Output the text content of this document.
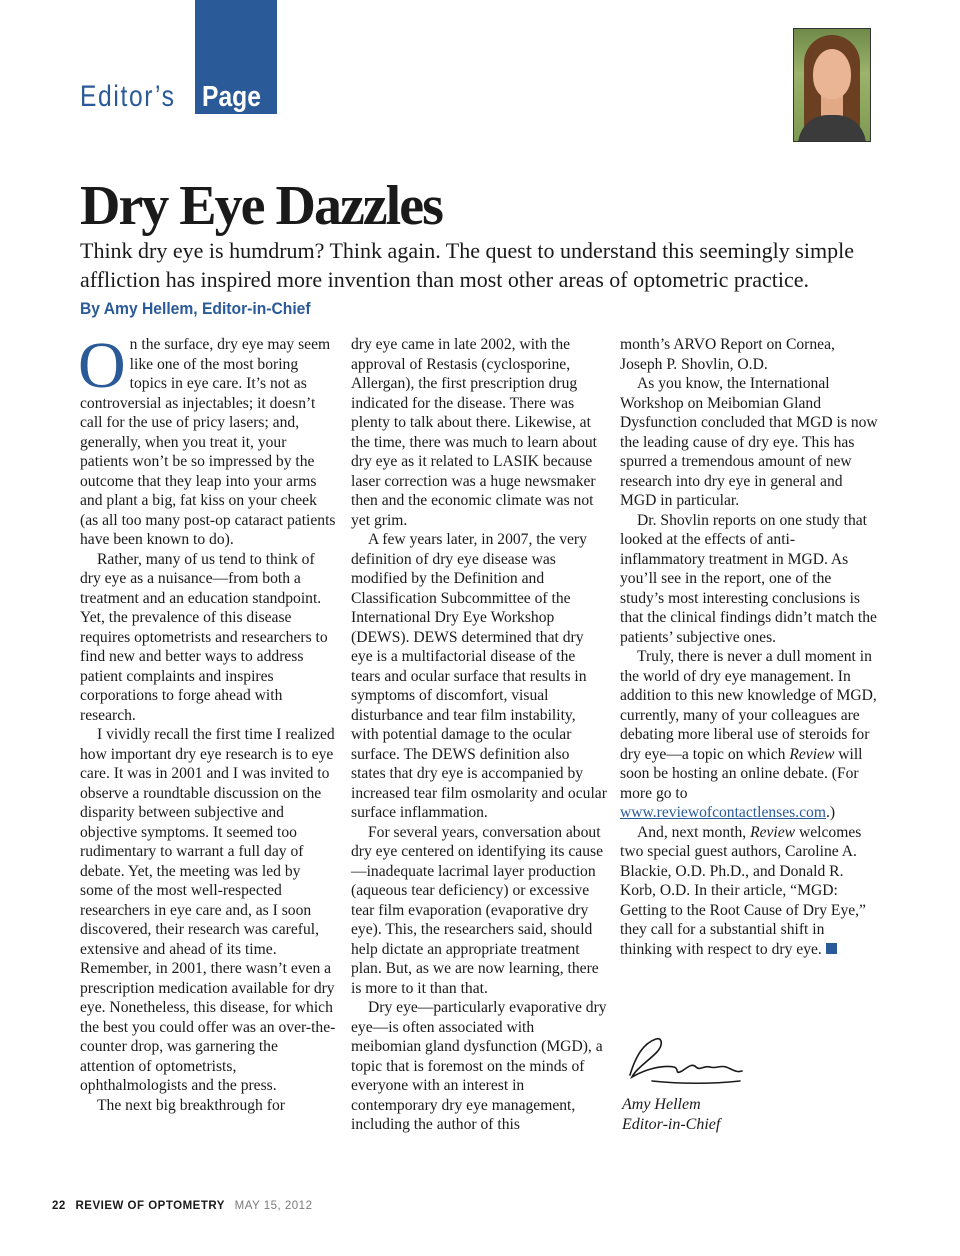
Editor’s Page
Dry Eye Dazzles

Think dry eye is humdrum? Think again. The quest to understand this seemingly simple affliction has inspired more invention than most other areas of optometric practice.

By Amy Hellem, Editor-in-Chief

On the surface, dry eye may seem like one of the most boring topics in eye care. It’s not as controversial as injectables; it doesn’t call for the use of pricy lasers; and, generally, when you treat it, your patients won’t be so impressed by the outcome that they leap into your arms and plant a big, fat kiss on your cheek (as all too many post-op cataract patients have been known to do).

Rather, many of us tend to think of dry eye as a nuisance—from both a treatment and an education standpoint. Yet, the prevalence of this disease requires optometrists and researchers to find new and better ways to address patient complaints and inspires corporations to forge ahead with research.

I vividly recall the first time I realized how important dry eye research is to eye care. It was in 2001 and I was invited to observe a roundtable discussion on the disparity between subjective and objective symptoms. It seemed too rudimentary to warrant a full day of debate. Yet, the meeting was led by some of the most well-respected researchers in eye care and, as I soon discovered, their research was careful, extensive and ahead of its time. Remember, in 2001, there wasn’t even a prescription medication available for dry eye. Nonetheless, this disease, for which the best you could offer was an over-the-counter drop, was garnering the attention of optometrists, ophthalmologists and the press.

The next big breakthrough for

dry eye came in late 2002, with the approval of Restasis (cyclosporine, Allergan), the first prescription drug indicated for the disease. There was plenty to talk about there. Likewise, at the time, there was much to learn about dry eye as it related to LASIK because laser correction was a huge newsmaker then and the economic climate was not yet grim.

A few years later, in 2007, the very definition of dry eye disease was modified by the Definition and Classification Subcommittee of the International Dry Eye Workshop (DEWS). DEWS determined that dry eye is a multifactorial disease of the tears and ocular surface that results in symptoms of discomfort, visual disturbance and tear film instability, with potential damage to the ocular surface. The DEWS definition also states that dry eye is accompanied by increased tear film osmolarity and ocular surface inflammation.

For several years, conversation about dry eye centered on identifying its cause—inadequate lacrimal layer production (aqueous tear deficiency) or excessive tear film evaporation (evaporative dry eye). This, the researchers said, should help dictate an appropriate treatment plan. But, as we are now learning, there is more to it than that.

Dry eye—particularly evaporative dry eye—is often associated with meibomian gland dysfunction (MGD), a topic that is foremost on the minds of everyone with an interest in contemporary dry eye management, including the author of this

month’s ARVO Report on Cornea, Joseph P. Shovlin, O.D.

As you know, the International Workshop on Meibomian Gland Dysfunction concluded that MGD is now the leading cause of dry eye. This has spurred a tremendous amount of new research into dry eye in general and MGD in particular.

Dr. Shovlin reports on one study that looked at the effects of anti-inflammatory treatment in MGD. As you’ll see in the report, one of the study’s most interesting conclusions is that the clinical findings didn’t match the patients’ subjective ones.

Truly, there is never a dull moment in the world of dry eye management. In addition to this new knowledge of MGD, currently, many of your colleagues are debating more liberal use of steroids for dry eye—a topic on which Review will soon be hosting an online debate. (For more go to www.reviewofcontactlenses.com.)

And, next month, Review welcomes two special guest authors, Caroline A. Blackie, O.D. Ph.D., and Donald R. Korb, O.D. In their article, “MGD: Getting to the Root Cause of Dry Eye,” they call for a substantial shift in thinking with respect to dry eye.

Amy Hellem
Editor-in-Chief
22 REVIEW OF OPTOMETRY MAY 15, 2012
